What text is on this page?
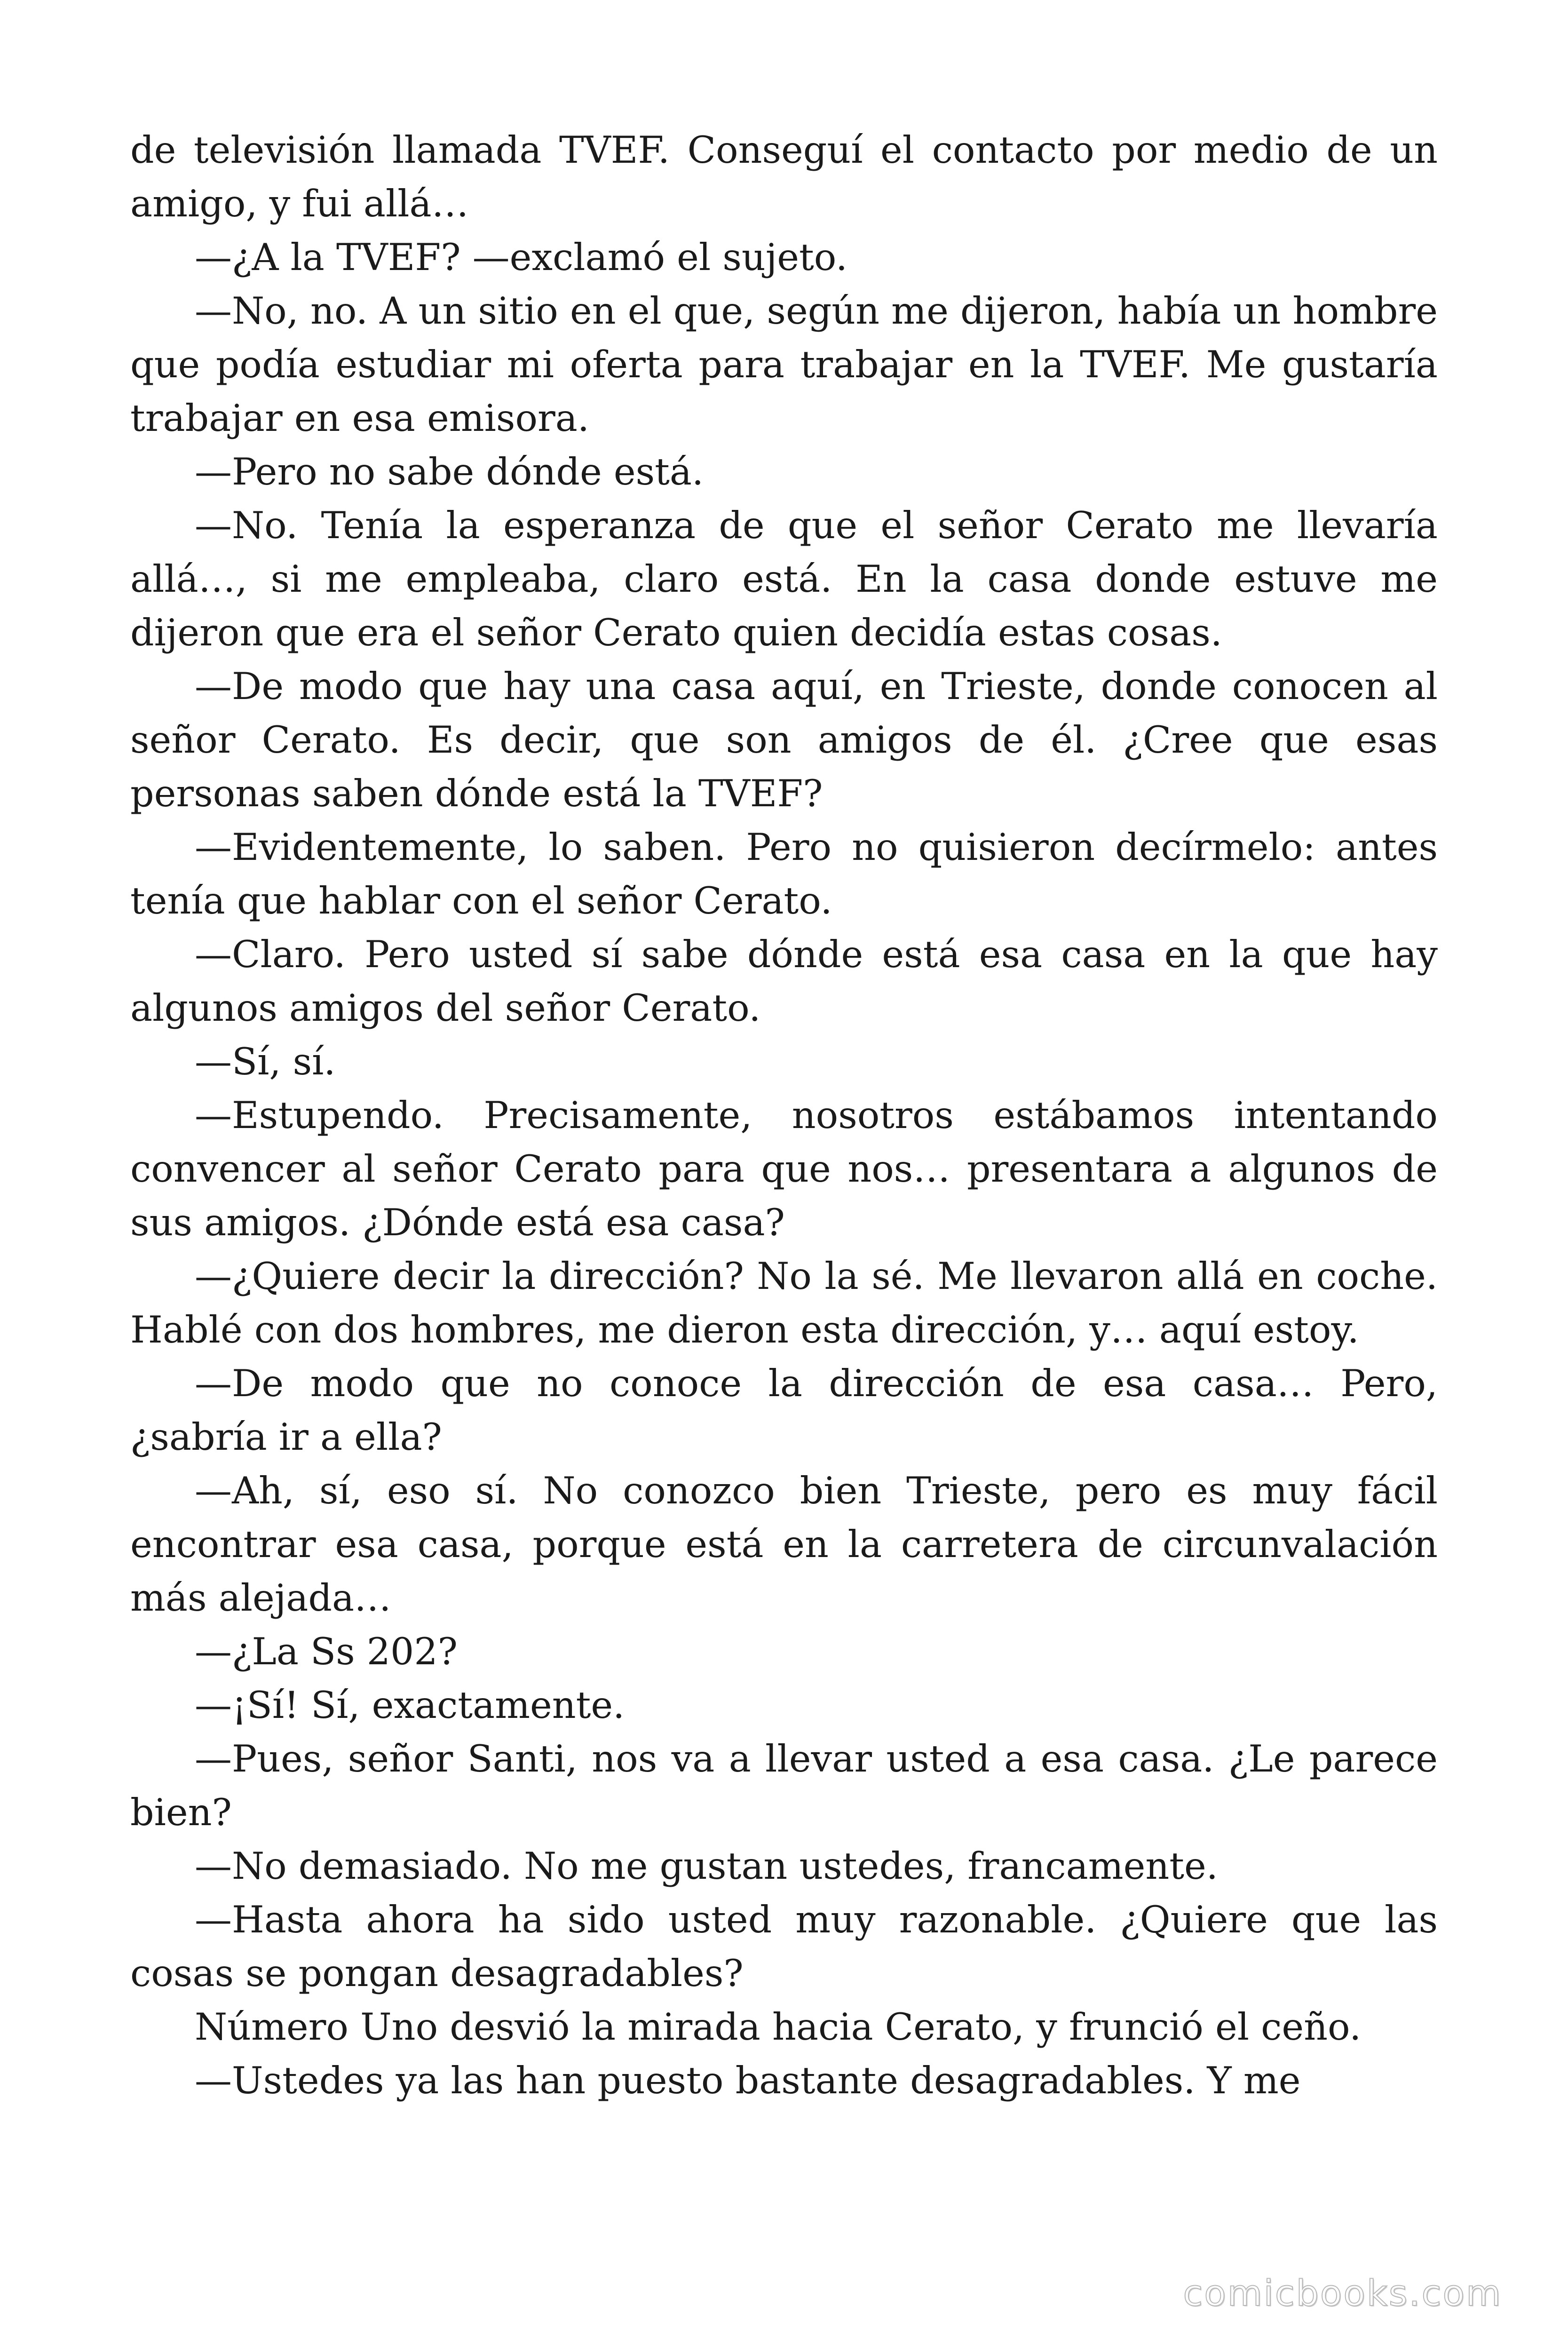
de televisión llamada TVEF. Conseguí el contacto por medio de un amigo, y fui allá…

—¿A la TVEF? —exclamó el sujeto.

—No, no. A un sitio en el que, según me dijeron, había un hombre que podía estudiar mi oferta para trabajar en la TVEF. Me gustaría trabajar en esa emisora.

—Pero no sabe dónde está.

—No. Tenía la esperanza de que el señor Cerato me llevaría allá…, si me empleaba, claro está. En la casa donde estuve me dijeron que era el señor Cerato quien decidía estas cosas.

—De modo que hay una casa aquí, en Trieste, donde conocen al señor Cerato. Es decir, que son amigos de él. ¿Cree que esas personas saben dónde está la TVEF?

—Evidentemente, lo saben. Pero no quisieron decírmelo: antes tenía que hablar con el señor Cerato.

—Claro. Pero usted sí sabe dónde está esa casa en la que hay algunos amigos del señor Cerato.

—Sí, sí.

—Estupendo. Precisamente, nosotros estábamos intentando convencer al señor Cerato para que nos… presentara a algunos de sus amigos. ¿Dónde está esa casa?

—¿Quiere decir la dirección? No la sé. Me llevaron allá en coche. Hablé con dos hombres, me dieron esta dirección, y… aquí estoy.

—De modo que no conoce la dirección de esa casa… Pero, ¿sabría ir a ella?

—Ah, sí, eso sí. No conozco bien Trieste, pero es muy fácil encontrar esa casa, porque está en la carretera de circunvalación más alejada…

—¿La Ss 202?

—¡Sí! Sí, exactamente.

—Pues, señor Santi, nos va a llevar usted a esa casa. ¿Le parece bien?

—No demasiado. No me gustan ustedes, francamente.

—Hasta ahora ha sido usted muy razonable. ¿Quiere que las cosas se pongan desagradables?

Número Uno desvió la mirada hacia Cerato, y frunció el ceño.

—Ustedes ya las han puesto bastante desagradables. Y me

comicbooks.com
